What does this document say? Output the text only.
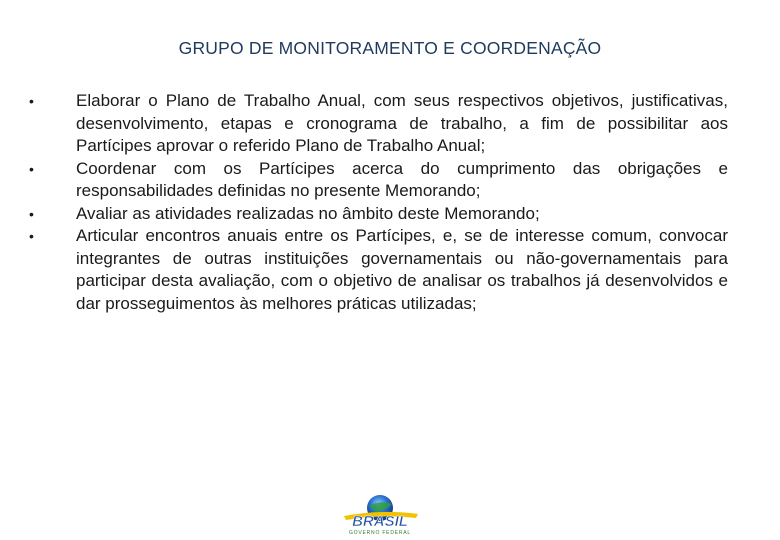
GRUPO DE MONITORAMENTO E COORDENAÇÃO
• Elaborar o Plano de Trabalho Anual, com seus respectivos objetivos, justificativas, desenvolvimento, etapas e cronograma de trabalho, a fim de possibilitar aos Partícipes aprovar o referido Plano de Trabalho Anual;
• Coordenar com os Partícipes acerca do cumprimento das obrigações e responsabilidades definidas no presente Memorando;
• Avaliar as atividades realizadas no âmbito deste Memorando;
• Articular encontros anuais entre os Partícipes, e, se de interesse comum, convocar integrantes de outras instituições governamentais ou não-governamentais para participar desta avaliação, com o objetivo de analisar os trabalhos já desenvolvidos e dar prosseguimentos às melhores práticas utilizadas;
BRASIL
GOVERNO FEDERAL
